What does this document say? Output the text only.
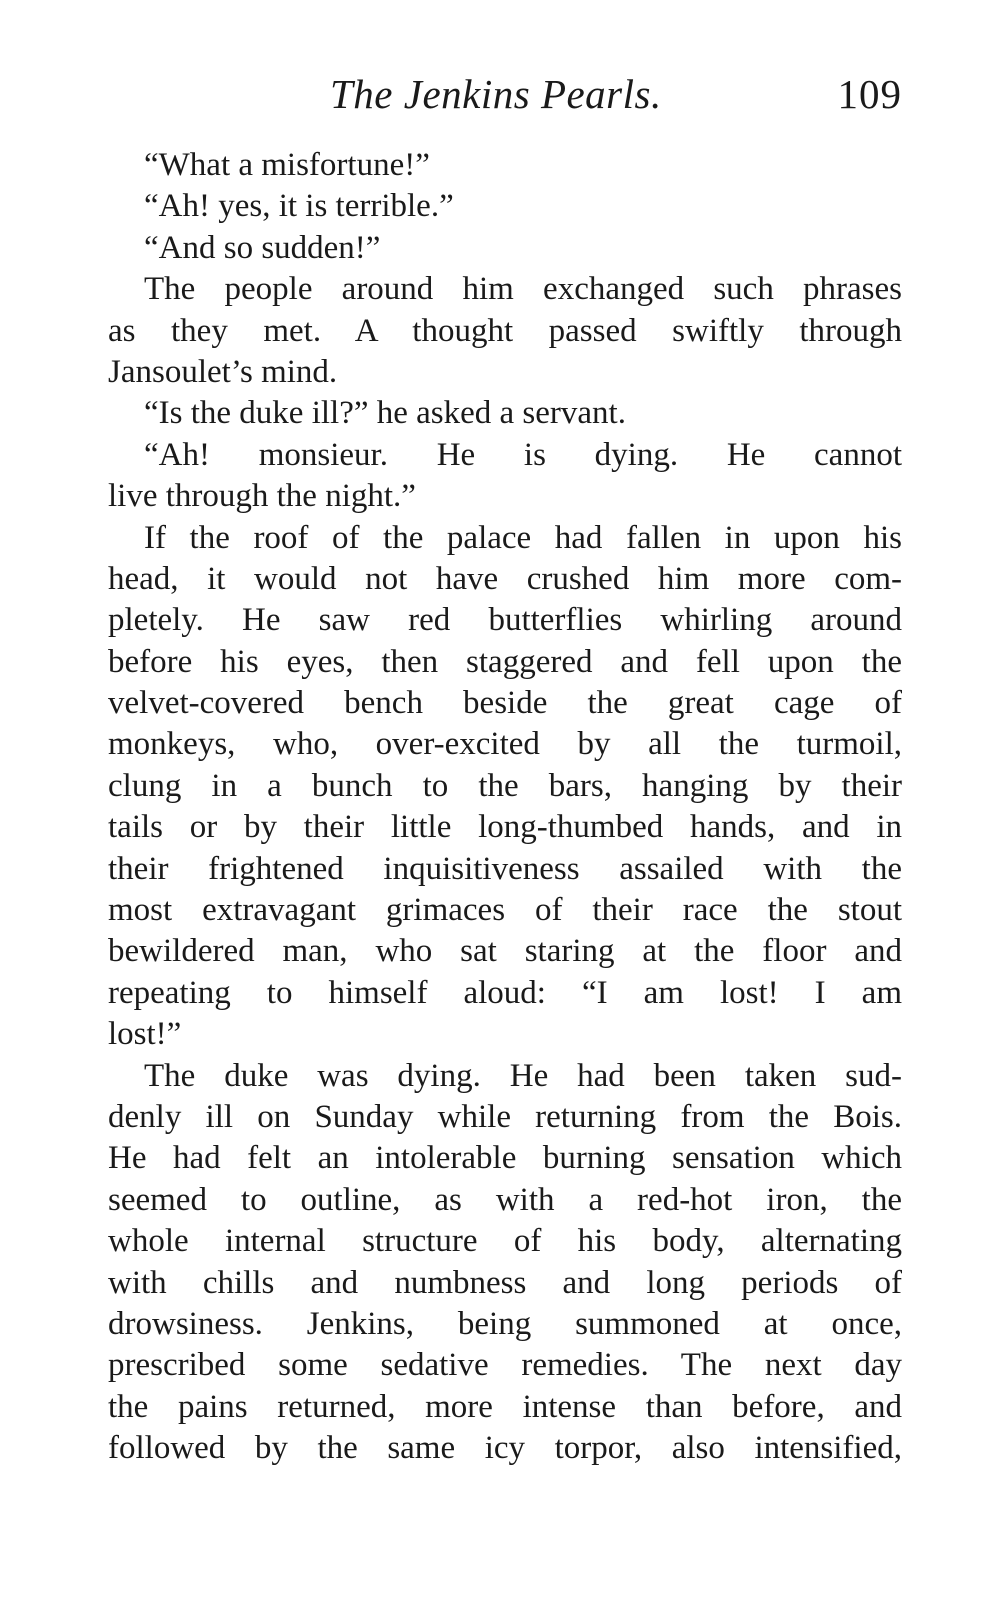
The Jenkins Pearls.	109
“What a misfortune!”
“Ah! yes, it is terrible.”
“And so sudden!”
The people around him exchanged such phrases
as they met. A thought passed swiftly through
Jansoulet’s mind.
“Is the duke ill?” he asked a servant.
“Ah! monsieur. He is dying. He cannot
live through the night.”
If the roof of the palace had fallen in upon his
head, it would not have crushed him more com-
pletely. He saw red butterflies whirling around
before his eyes, then staggered and fell upon the
velvet-covered bench beside the great cage of
monkeys, who, over-excited by all the turmoil,
clung in a bunch to the bars, hanging by their
tails or by their little long-thumbed hands, and in
their frightened inquisitiveness assailed with the
most extravagant grimaces of their race the stout
bewildered man, who sat staring at the floor and
repeating to himself aloud: “I am lost! I am
lost!”
The duke was dying. He had been taken sud-
denly ill on Sunday while returning from the Bois.
He had felt an intolerable burning sensation which
seemed to outline, as with a red-hot iron, the
whole internal structure of his body, alternating
with chills and numbness and long periods of
drowsiness. Jenkins, being summoned at once,
prescribed some sedative remedies. The next day
the pains returned, more intense than before, and
followed by the same icy torpor, also intensified,
